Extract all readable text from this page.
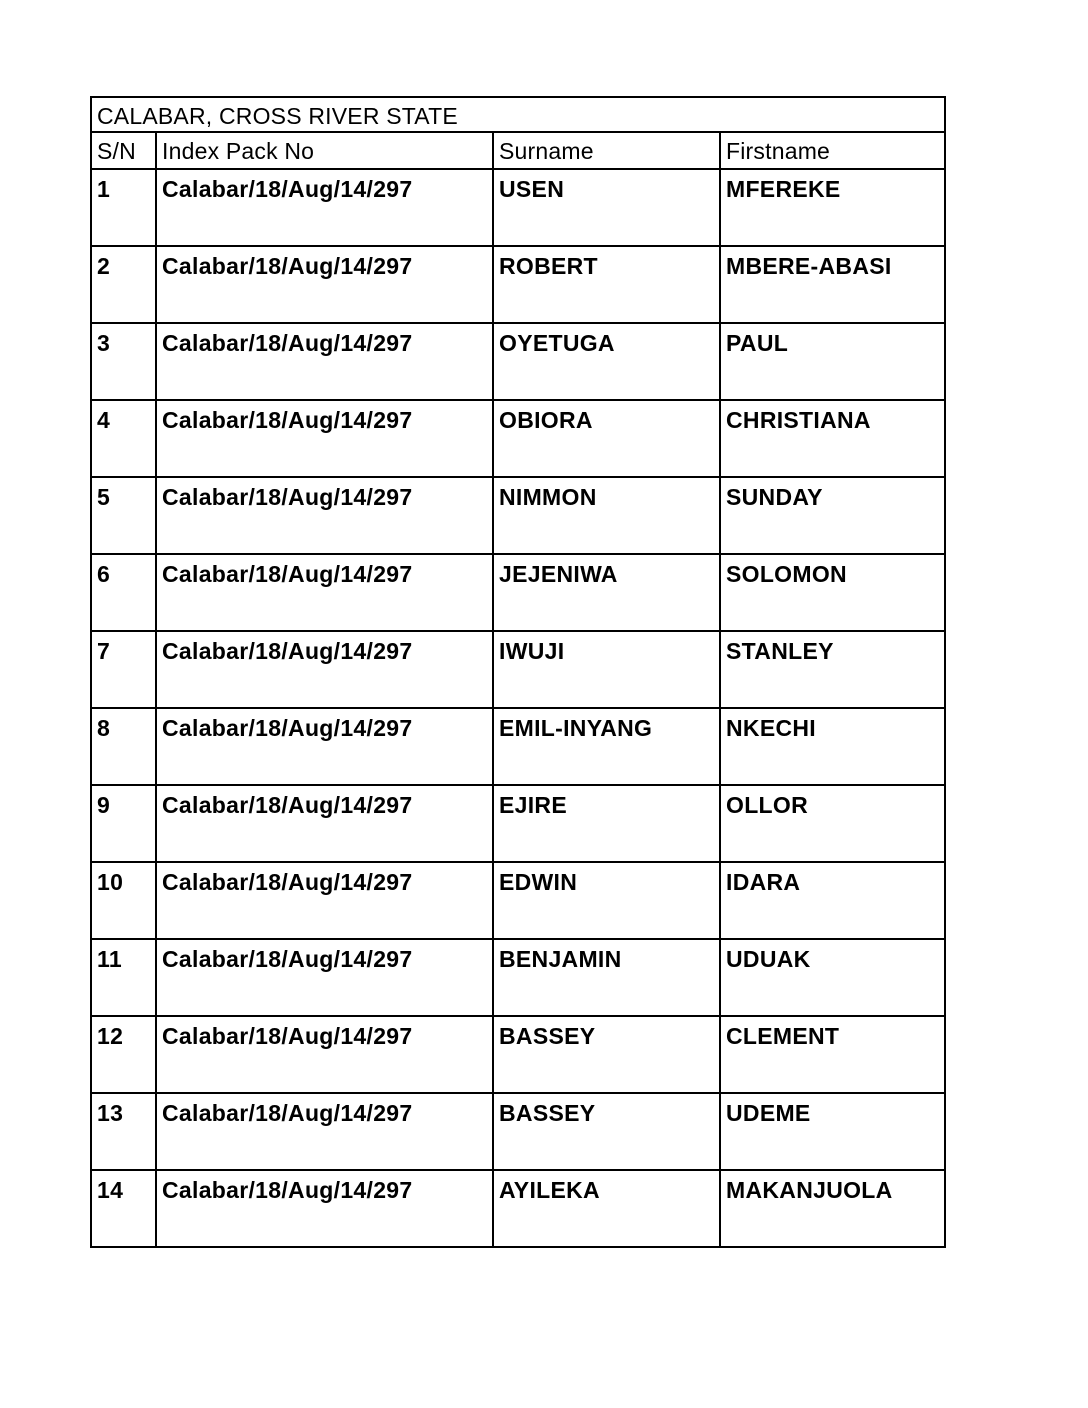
CALABAR, CROSS RIVER STATE			
S/N	Index Pack No	Surname	Firstname
1	Calabar/18/Aug/14/297	USEN	MFEREKE
2	Calabar/18/Aug/14/297	ROBERT	MBERE-ABASI
3	Calabar/18/Aug/14/297	OYETUGA	PAUL
4	Calabar/18/Aug/14/297	OBIORA	CHRISTIANA
5	Calabar/18/Aug/14/297	NIMMON	SUNDAY
6	Calabar/18/Aug/14/297	JEJENIWA	SOLOMON
7	Calabar/18/Aug/14/297	IWUJI	STANLEY
8	Calabar/18/Aug/14/297	EMIL-INYANG	NKECHI
9	Calabar/18/Aug/14/297	EJIRE	OLLOR
10	Calabar/18/Aug/14/297	EDWIN	IDARA
11	Calabar/18/Aug/14/297	BENJAMIN	UDUAK
12	Calabar/18/Aug/14/297	BASSEY	CLEMENT
13	Calabar/18/Aug/14/297	BASSEY	UDEME
14	Calabar/18/Aug/14/297	AYILEKA	MAKANJUOLA
